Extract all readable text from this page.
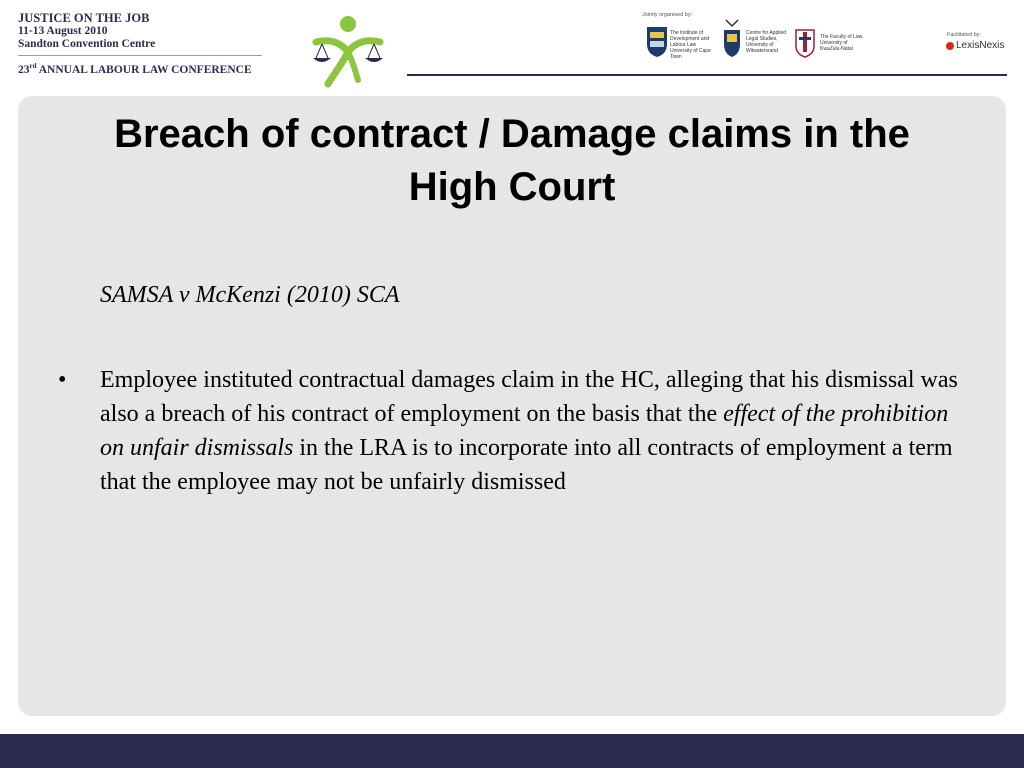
JUSTICE ON THE JOB
11-13 August 2010
Sandton Convention Centre
23rd ANNUAL LABOUR LAW CONFERENCE
Jointly organised by:
The Institute of Development and Labour Law University of Cape Town
Centre for Applied Legal Studies, University of Witwatersrand
The Faculty of Law, University of KwaZulu-Natal
Facilitated by:
LexisNexis
Breach of contract / Damage claims in the High Court
SAMSA v McKenzi (2010) SCA
• Employee instituted contractual damages claim in the HC, alleging that his dismissal was also a breach of his contract of employment on the basis that the effect of the prohibition on unfair dismissals in the LRA is to incorporate into all contracts of employment a term that the employee may not be unfairly dismissed
